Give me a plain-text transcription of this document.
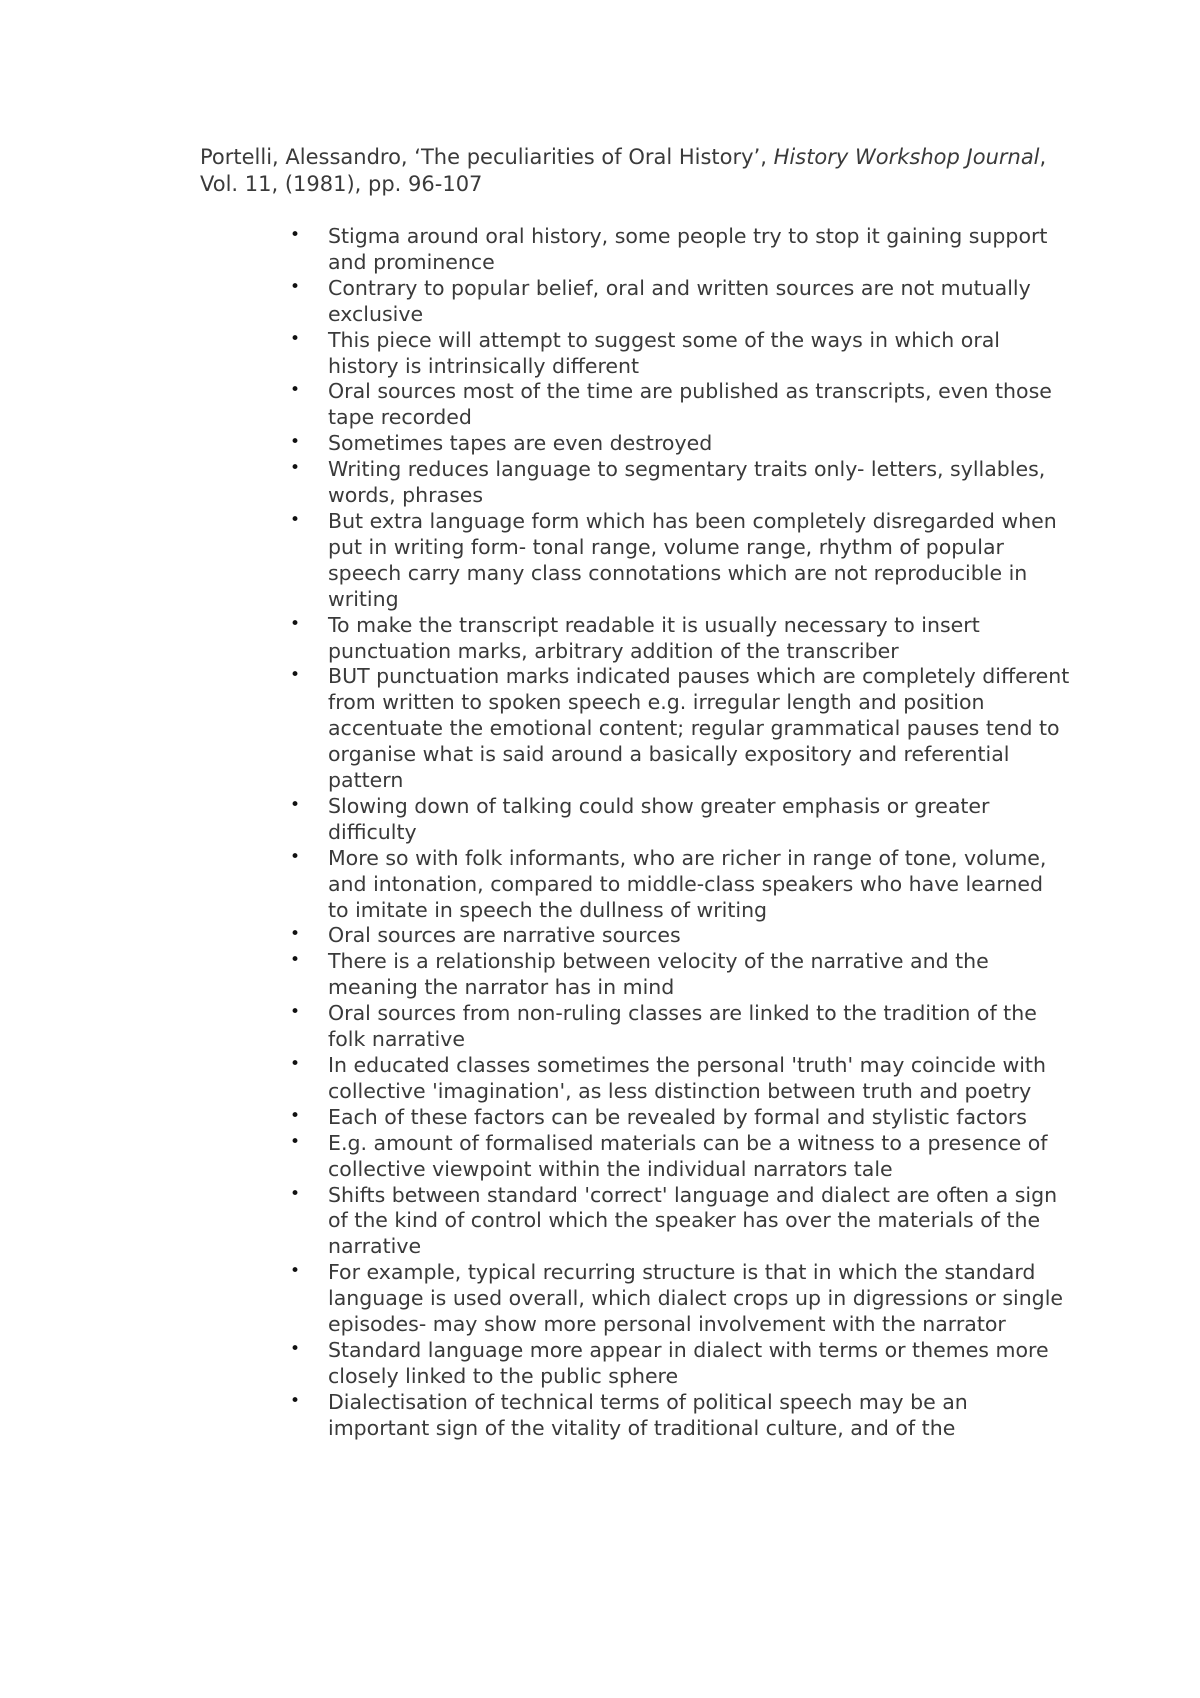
Portelli, Alessandro, ‘The peculiarities of Oral History’, History Workshop Journal, Vol. 11, (1981), pp. 96-107
• Stigma around oral history, some people try to stop it gaining support and prominence
• Contrary to popular belief, oral and written sources are not mutually exclusive
• This piece will attempt to suggest some of the ways in which oral history is intrinsically different
• Oral sources most of the time are published as transcripts, even those tape recorded
• Sometimes tapes are even destroyed
• Writing reduces language to segmentary traits only- letters, syllables, words, phrases
• But extra language form which has been completely disregarded when put in writing form- tonal range, volume range, rhythm of popular speech carry many class connotations which are not reproducible in writing
• To make the transcript readable it is usually necessary to insert punctuation marks, arbitrary addition of the transcriber
• BUT punctuation marks indicated pauses which are completely different from written to spoken speech e.g. irregular length and position accentuate the emotional content; regular grammatical pauses tend to organise what is said around a basically expository and referential pattern
• Slowing down of talking could show greater emphasis or greater difficulty
• More so with folk informants, who are richer in range of tone, volume, and intonation, compared to middle-class speakers who have learned to imitate in speech the dullness of writing
• Oral sources are narrative sources
• There is a relationship between velocity of the narrative and the meaning the narrator has in mind
• Oral sources from non-ruling classes are linked to the tradition of the folk narrative
• In educated classes sometimes the personal 'truth' may coincide with collective 'imagination', as less distinction between truth and poetry
• Each of these factors can be revealed by formal and stylistic factors
• E.g. amount of formalised materials can be a witness to a presence of collective viewpoint within the individual narrators tale
• Shifts between standard 'correct' language and dialect are often a sign of the kind of control which the speaker has over the materials of the narrative
• For example, typical recurring structure is that in which the standard language is used overall, which dialect crops up in digressions or single episodes- may show more personal involvement with the narrator
• Standard language more appear in dialect with terms or themes more closely linked to the public sphere
• Dialectisation of technical terms of political speech may be an important sign of the vitality of traditional culture, and of the
